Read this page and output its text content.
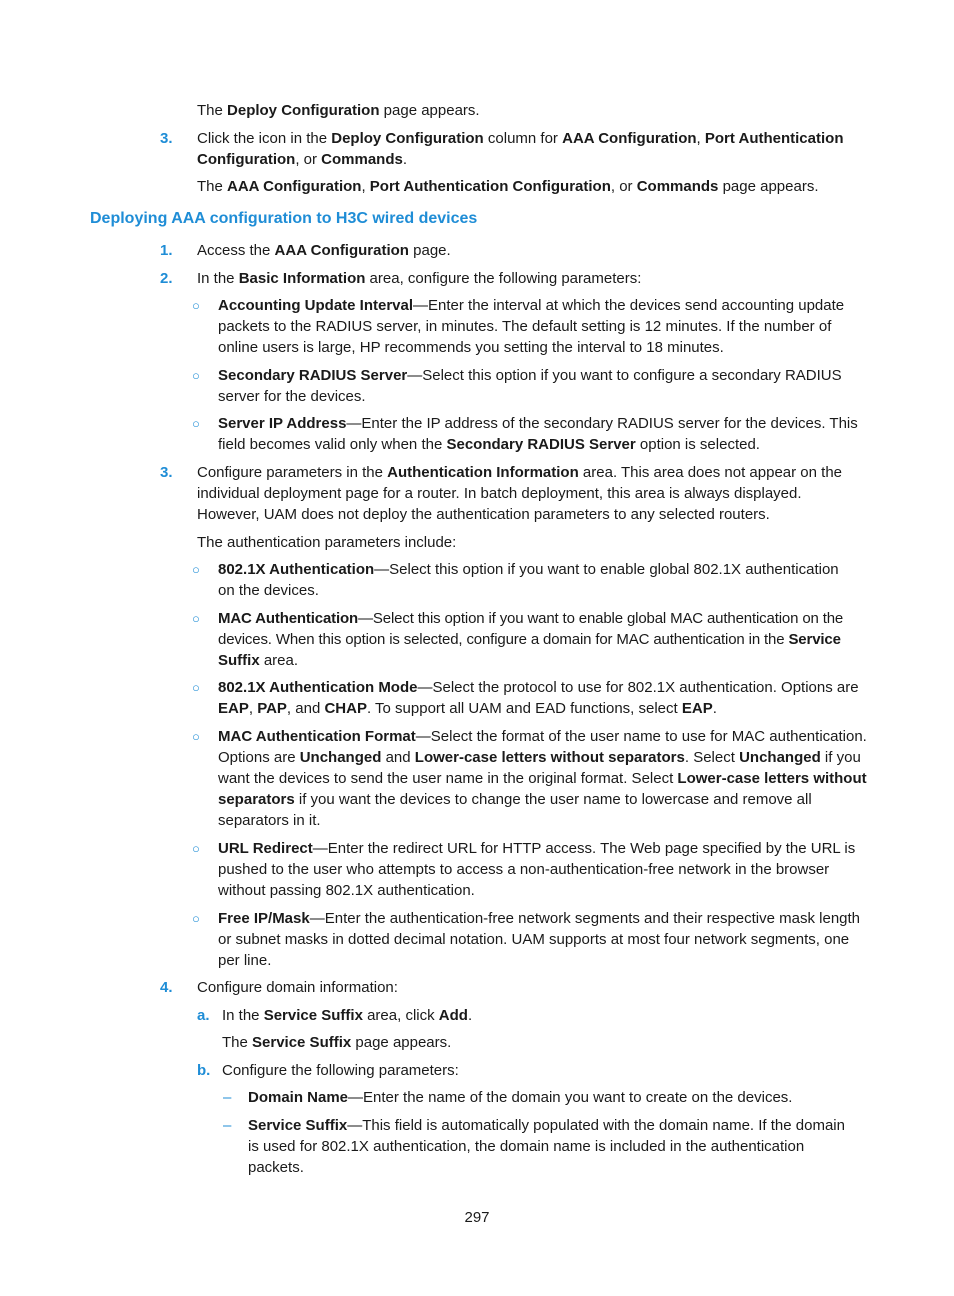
The Deploy Configuration page appears.
3. Click the icon in the Deploy Configuration column for AAA Configuration, Port Authentication
Configuration, or Commands.
The AAA Configuration, Port Authentication Configuration, or Commands page appears.
Deploying AAA configuration to H3C wired devices
1. Access the AAA Configuration page.
2. In the Basic Information area, configure the following parameters:
○ Accounting Update Interval—Enter the interval at which the devices send accounting update
packets to the RADIUS server, in minutes. The default setting is 12 minutes. If the number of
online users is large, HP recommends you setting the interval to 18 minutes.
○ Secondary RADIUS Server—Select this option if you want to configure a secondary RADIUS
server for the devices.
○ Server IP Address—Enter the IP address of the secondary RADIUS server for the devices. This
field becomes valid only when the Secondary RADIUS Server option is selected.
3. Configure parameters in the Authentication Information area. This area does not appear on the
individual deployment page for a router. In batch deployment, this area is always displayed.
However, UAM does not deploy the authentication parameters to any selected routers.
The authentication parameters include:
○ 802.1X Authentication—Select this option if you want to enable global 802.1X authentication
on the devices.
○ MAC Authentication—Select this option if you want to enable global MAC authentication on the
devices. When this option is selected, configure a domain for MAC authentication in the Service
Suffix area.
○ 802.1X Authentication Mode—Select the protocol to use for 802.1X authentication. Options are
EAP, PAP, and CHAP. To support all UAM and EAD functions, select EAP.
○ MAC Authentication Format—Select the format of the user name to use for MAC authentication.
Options are Unchanged and Lower-case letters without separators. Select Unchanged if you
want the devices to send the user name in the original format. Select Lower-case letters without
separators if you want the devices to change the user name to lowercase and remove all
separators in it.
○ URL Redirect—Enter the redirect URL for HTTP access. The Web page specified by the URL is
pushed to the user who attempts to access a non-authentication-free network in the browser
without passing 802.1X authentication.
○ Free IP/Mask—Enter the authentication-free network segments and their respective mask length
or subnet masks in dotted decimal notation. UAM supports at most four network segments, one
per line.
4. Configure domain information:
a. In the Service Suffix area, click Add.
The Service Suffix page appears.
b. Configure the following parameters:
– Domain Name—Enter the name of the domain you want to create on the devices.
– Service Suffix—This field is automatically populated with the domain name. If the domain
is used for 802.1X authentication, the domain name is included in the authentication
packets.
297
